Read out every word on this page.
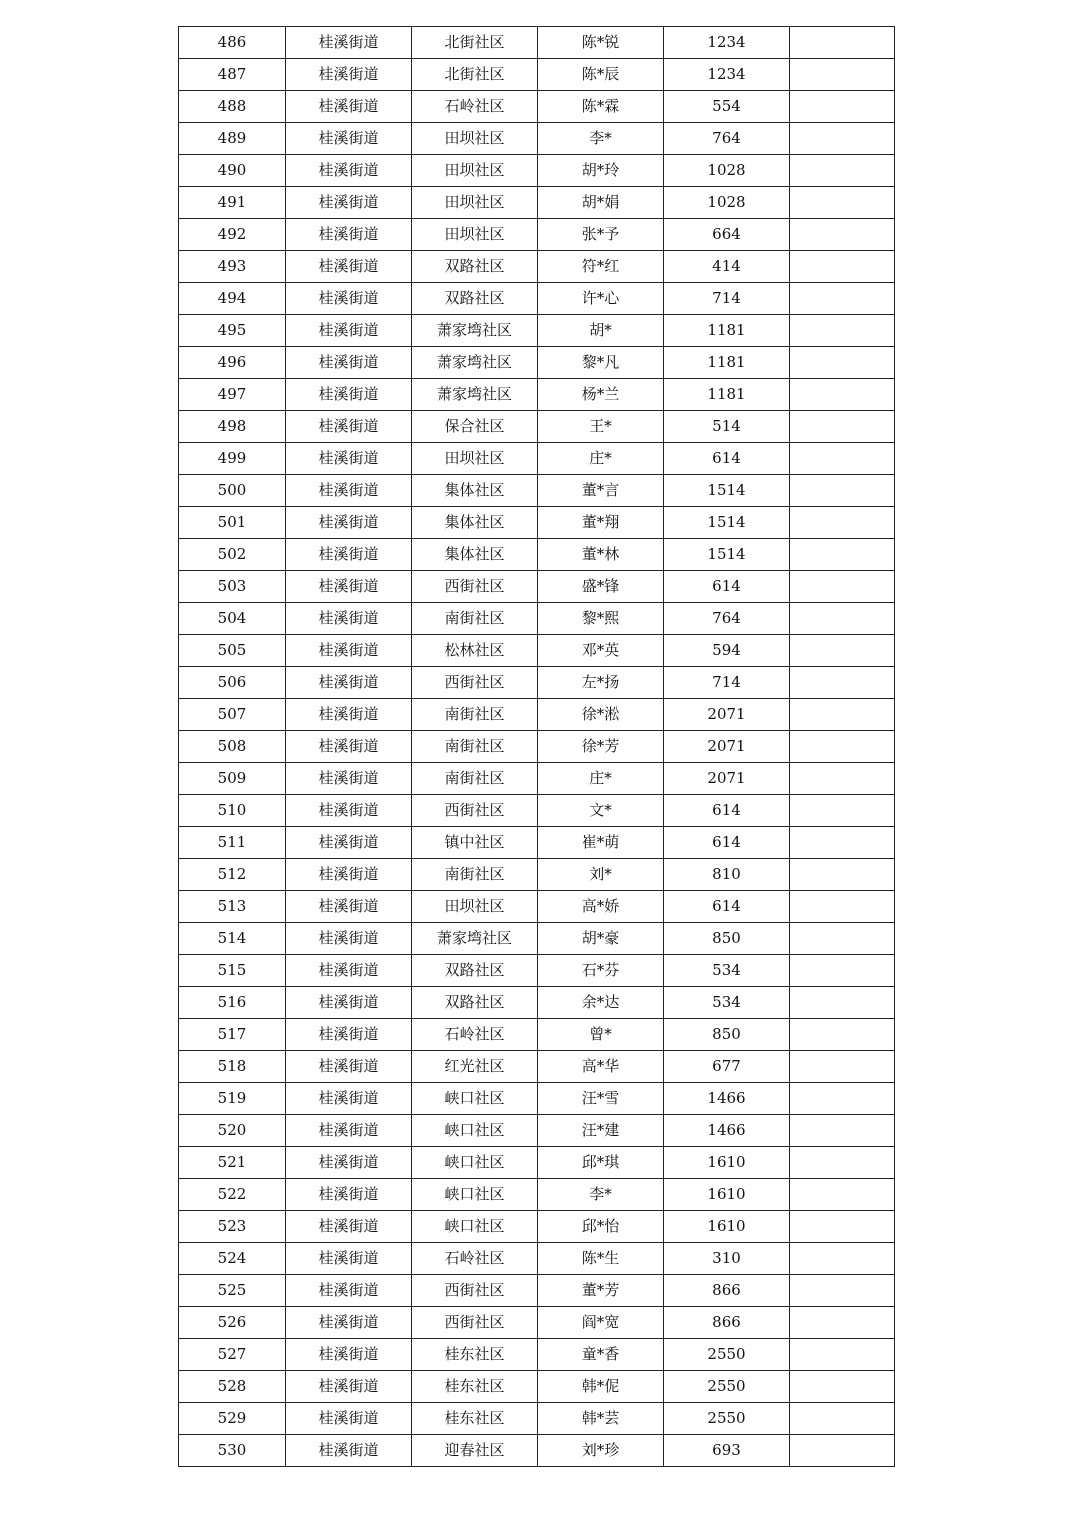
486	桂溪街道	北街社区	陈*锐	1234	
487	桂溪街道	北街社区	陈*辰	1234	
488	桂溪街道	石岭社区	陈*霖	554	
489	桂溪街道	田坝社区	李*	764	
490	桂溪街道	田坝社区	胡*玲	1028	
491	桂溪街道	田坝社区	胡*娟	1028	
492	桂溪街道	田坝社区	张*予	664	
493	桂溪街道	双路社区	符*红	414	
494	桂溪街道	双路社区	许*心	714	
495	桂溪街道	萧家塆社区	胡*	1181	
496	桂溪街道	萧家塆社区	黎*凡	1181	
497	桂溪街道	萧家塆社区	杨*兰	1181	
498	桂溪街道	保合社区	王*	514	
499	桂溪街道	田坝社区	庄*	614	
500	桂溪街道	集体社区	董*言	1514	
501	桂溪街道	集体社区	董*翔	1514	
502	桂溪街道	集体社区	董*林	1514	
503	桂溪街道	西街社区	盛*锋	614	
504	桂溪街道	南街社区	黎*熙	764	
505	桂溪街道	松林社区	邓*英	594	
506	桂溪街道	西街社区	左*扬	714	
507	桂溪街道	南街社区	徐*淞	2071	
508	桂溪街道	南街社区	徐*芳	2071	
509	桂溪街道	南街社区	庄*	2071	
510	桂溪街道	西街社区	文*	614	
511	桂溪街道	镇中社区	崔*萌	614	
512	桂溪街道	南街社区	刘*	810	
513	桂溪街道	田坝社区	高*娇	614	
514	桂溪街道	萧家塆社区	胡*豪	850	
515	桂溪街道	双路社区	石*芬	534	
516	桂溪街道	双路社区	余*达	534	
517	桂溪街道	石岭社区	曾*	850	
518	桂溪街道	红光社区	高*华	677	
519	桂溪街道	峡口社区	汪*雪	1466	
520	桂溪街道	峡口社区	汪*建	1466	
521	桂溪街道	峡口社区	邱*琪	1610	
522	桂溪街道	峡口社区	李*	1610	
523	桂溪街道	峡口社区	邱*怡	1610	
524	桂溪街道	石岭社区	陈*生	310	
525	桂溪街道	西街社区	董*芳	866	
526	桂溪街道	西街社区	阎*宽	866	
527	桂溪街道	桂东社区	童*香	2550	
528	桂溪街道	桂东社区	韩*伲	2550	
529	桂溪街道	桂东社区	韩*芸	2550	
530	桂溪街道	迎春社区	刘*珍	693	
